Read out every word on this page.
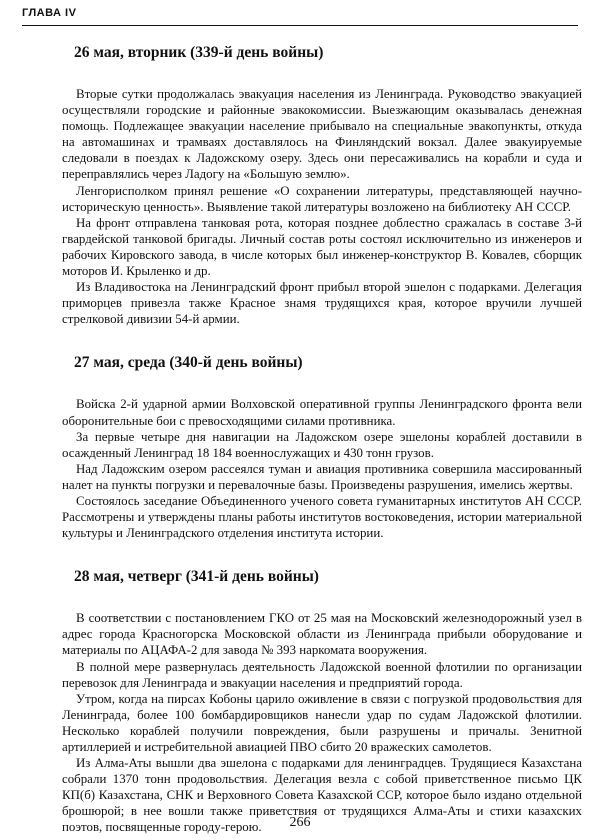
ГЛАВА IV
26 мая, вторник (339-й день войны)

Вторые сутки продолжалась эвакуация населения из Ленинграда. Руководство эвакуацией осуществляли городские и районные эвакокомиссии. Выезжающим оказывалась денежная помощь. Подлежащее эвакуации население прибывало на специальные эвакопункты, откуда на автомашинах и трамваях доставлялось на Финляндский вокзал. Далее эвакуируемые следовали в поездах к Ладожскому озеру. Здесь они пересаживались на корабли и суда и переправлялись через Ладогу на «Большую землю».

Ленгорисполком принял решение «О сохранении литературы, представляющей научно-историческую ценность». Выявление такой литературы возложено на библиотеку АН СССР.

На фронт отправлена танковая рота, которая позднее доблестно сражалась в составе 3-й гвардейской танковой бригады. Личный состав роты состоял исключительно из инженеров и рабочих Кировского завода, в числе которых был инженер-конструктор В. Ковалев, сборщик моторов И. Крыленко и др.

Из Владивостока на Ленинградский фронт прибыл второй эшелон с подарками. Делегация приморцев привезла также Красное знамя трудящихся края, которое вручили лучшей стрелковой дивизии 54-й армии.

27 мая, среда (340-й день войны)

Войска 2-й ударной армии Волховской оперативной группы Ленинградского фронта вели оборонительные бои с превосходящими силами противника.

За первые четыре дня навигации на Ладожском озере эшелоны кораблей доставили в осажденный Ленинград 18 184 военнослужащих и 430 тонн грузов.

Над Ладожским озером рассеялся туман и авиация противника совершила массированный налет на пункты погрузки и перевалочные базы. Произведены разрушения, имелись жертвы.

Состоялось заседание Объединенного ученого совета гуманитарных институтов АН СССР. Рассмотрены и утверждены планы работы институтов востоковедения, истории материальной культуры и Ленинградского отделения института истории.

28 мая, четверг (341-й день войны)

В соответствии с постановлением ГКО от 25 мая на Московский железнодорожный узел в адрес города Красногорска Московской области из Ленинграда прибыли оборудование и материалы по АЦАФА-2 для завода № 393 наркомата вооружения.

В полной мере развернулась деятельность Ладожской военной флотилии по организации перевозок для Ленинграда и эвакуации населения и предприятий города.

Утром, когда на пирсах Кобоны царило оживление в связи с погрузкой продовольствия для Ленинграда, более 100 бомбардировщиков нанесли удар по судам Ладожской флотилии. Несколько кораблей получили повреждения, были разрушены и причалы. Зенитной артиллерией и истребительной авиацией ПВО сбито 20 вражеских самолетов.

Из Алма-Аты вышли два эшелона с подарками для ленинградцев. Трудящиеся Казахстана собрали 1370 тонн продовольствия. Делегация везла с собой приветственное письмо ЦК КП(б) Казахстана, СНК и Верховного Совета Казахской ССР, которое было издано отдельной брошюрой; в нее вошли также приветствия от трудящихся Алма-Аты и стихи казахских поэтов, посвященные городу-герою.	266
